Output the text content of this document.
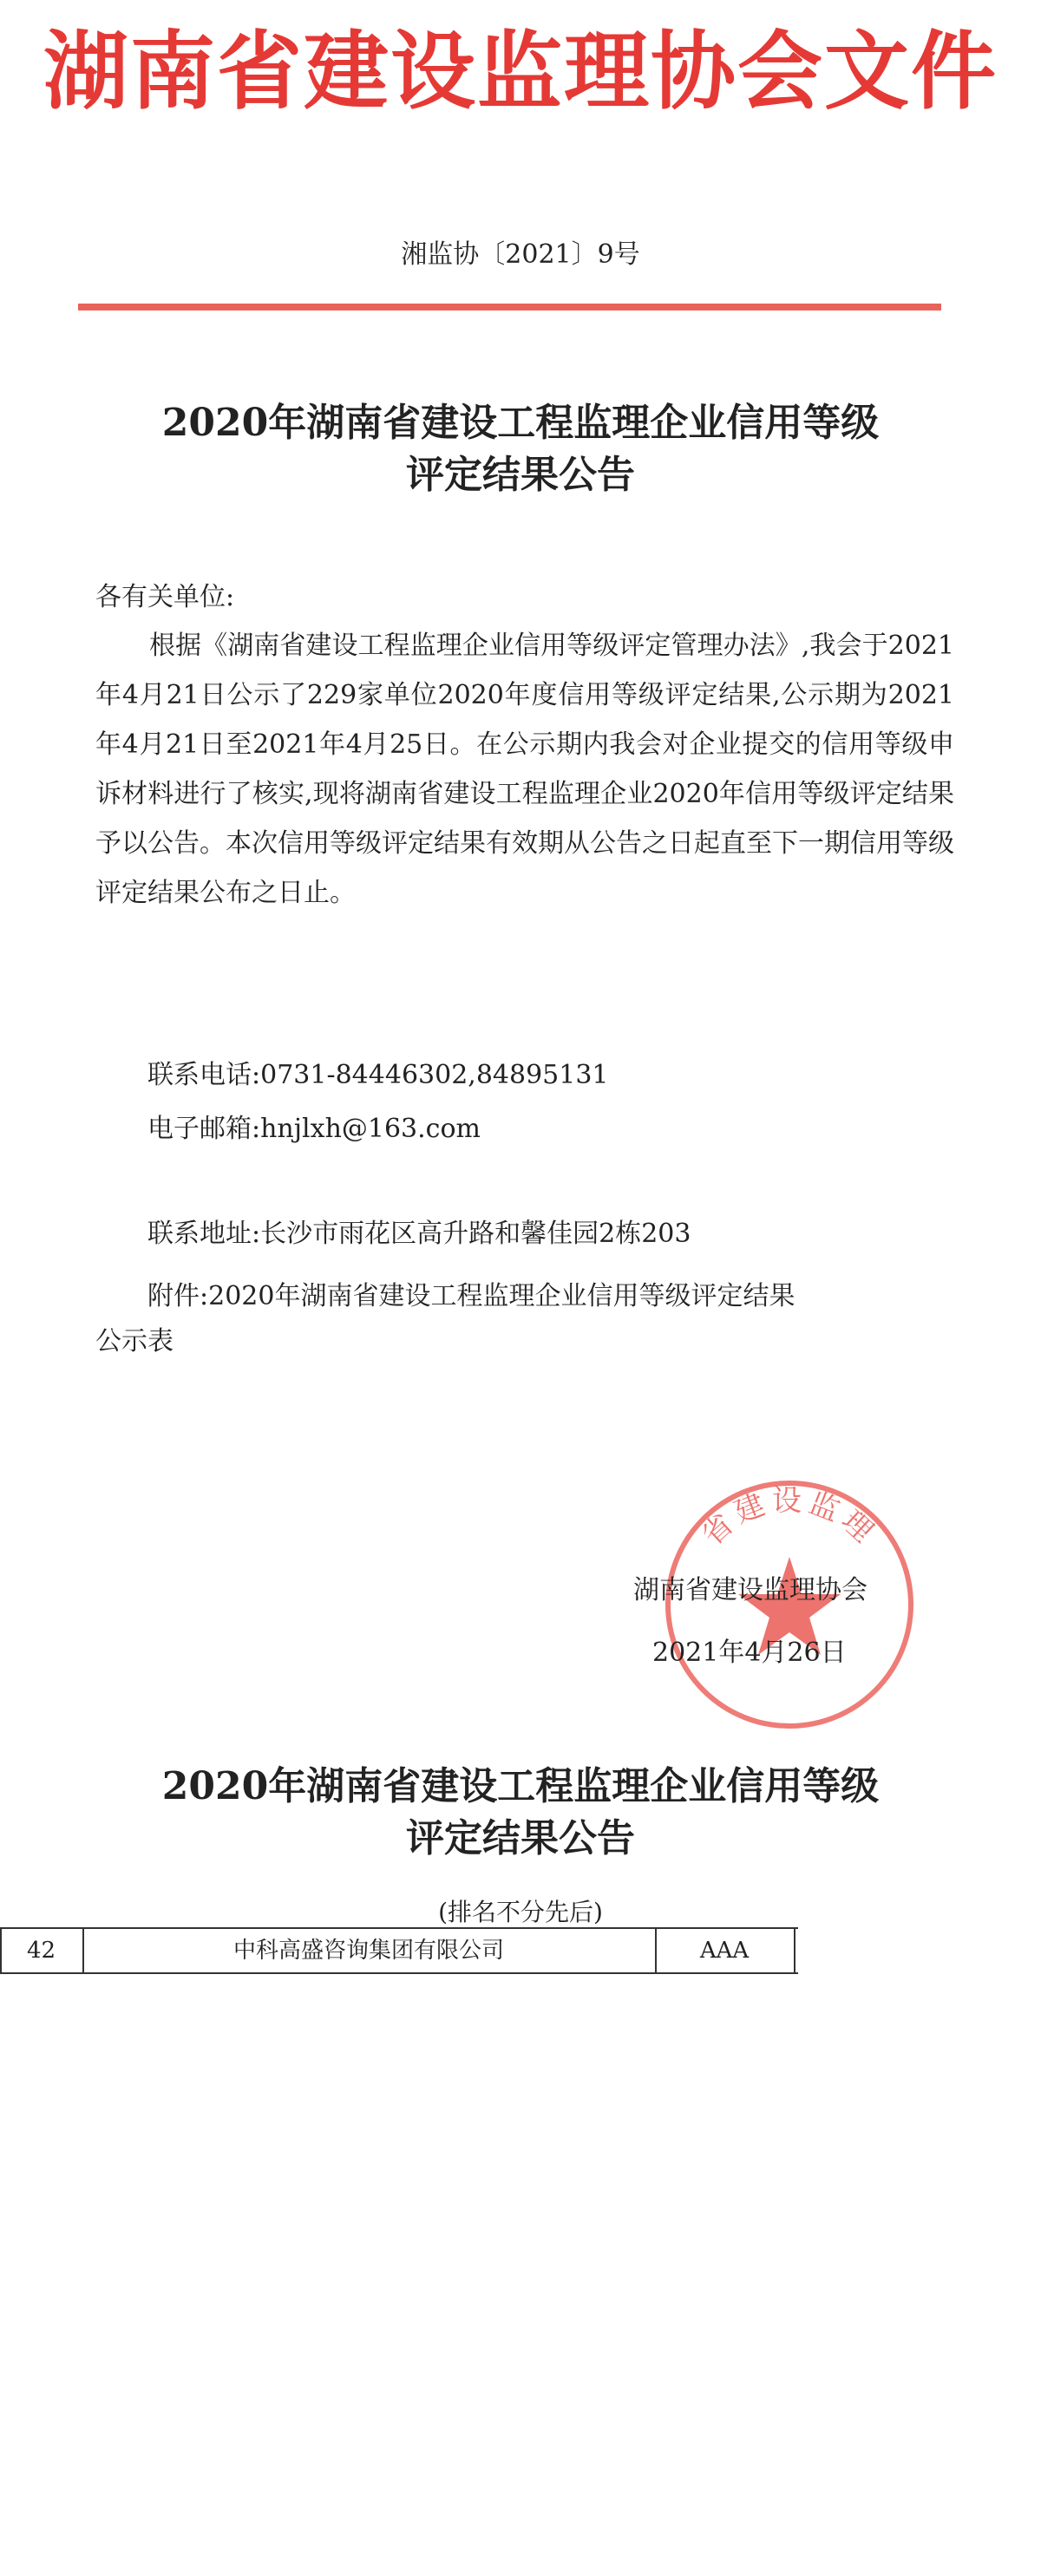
湖南省建设监理协会文件
湘监协〔2021〕9号
2020年湖南省建设工程监理企业信用等级
评定结果公告
各有关单位:
根据《湖南省建设工程监理企业信用等级评定管理办法》,我会于2021年4月21日公示了229家单位2020年度信用等级评定结果,公示期为2021年4月21日至2021年4月25日。在公示期内我会对企业提交的信用等级申诉材料进行了核实,现将湖南省建设工程监理企业2020年信用等级评定结果予以公告。本次信用等级评定结果有效期从公告之日起直至下一期信用等级评定结果公布之日止。
联系电话:0731-84446302,84895131
电子邮箱:hnjlxh@163.com
联系地址:长沙市雨花区高升路和馨佳园2栋203
附件:2020年湖南省建设工程监理企业信用等级评定结果
公示表
省建设监理
湖南省建设监理协会
2021年4月26日
2020年湖南省建设工程监理企业信用等级
评定结果公告
(排名不分先后)
42	中科高盛咨询集团有限公司	AAA
